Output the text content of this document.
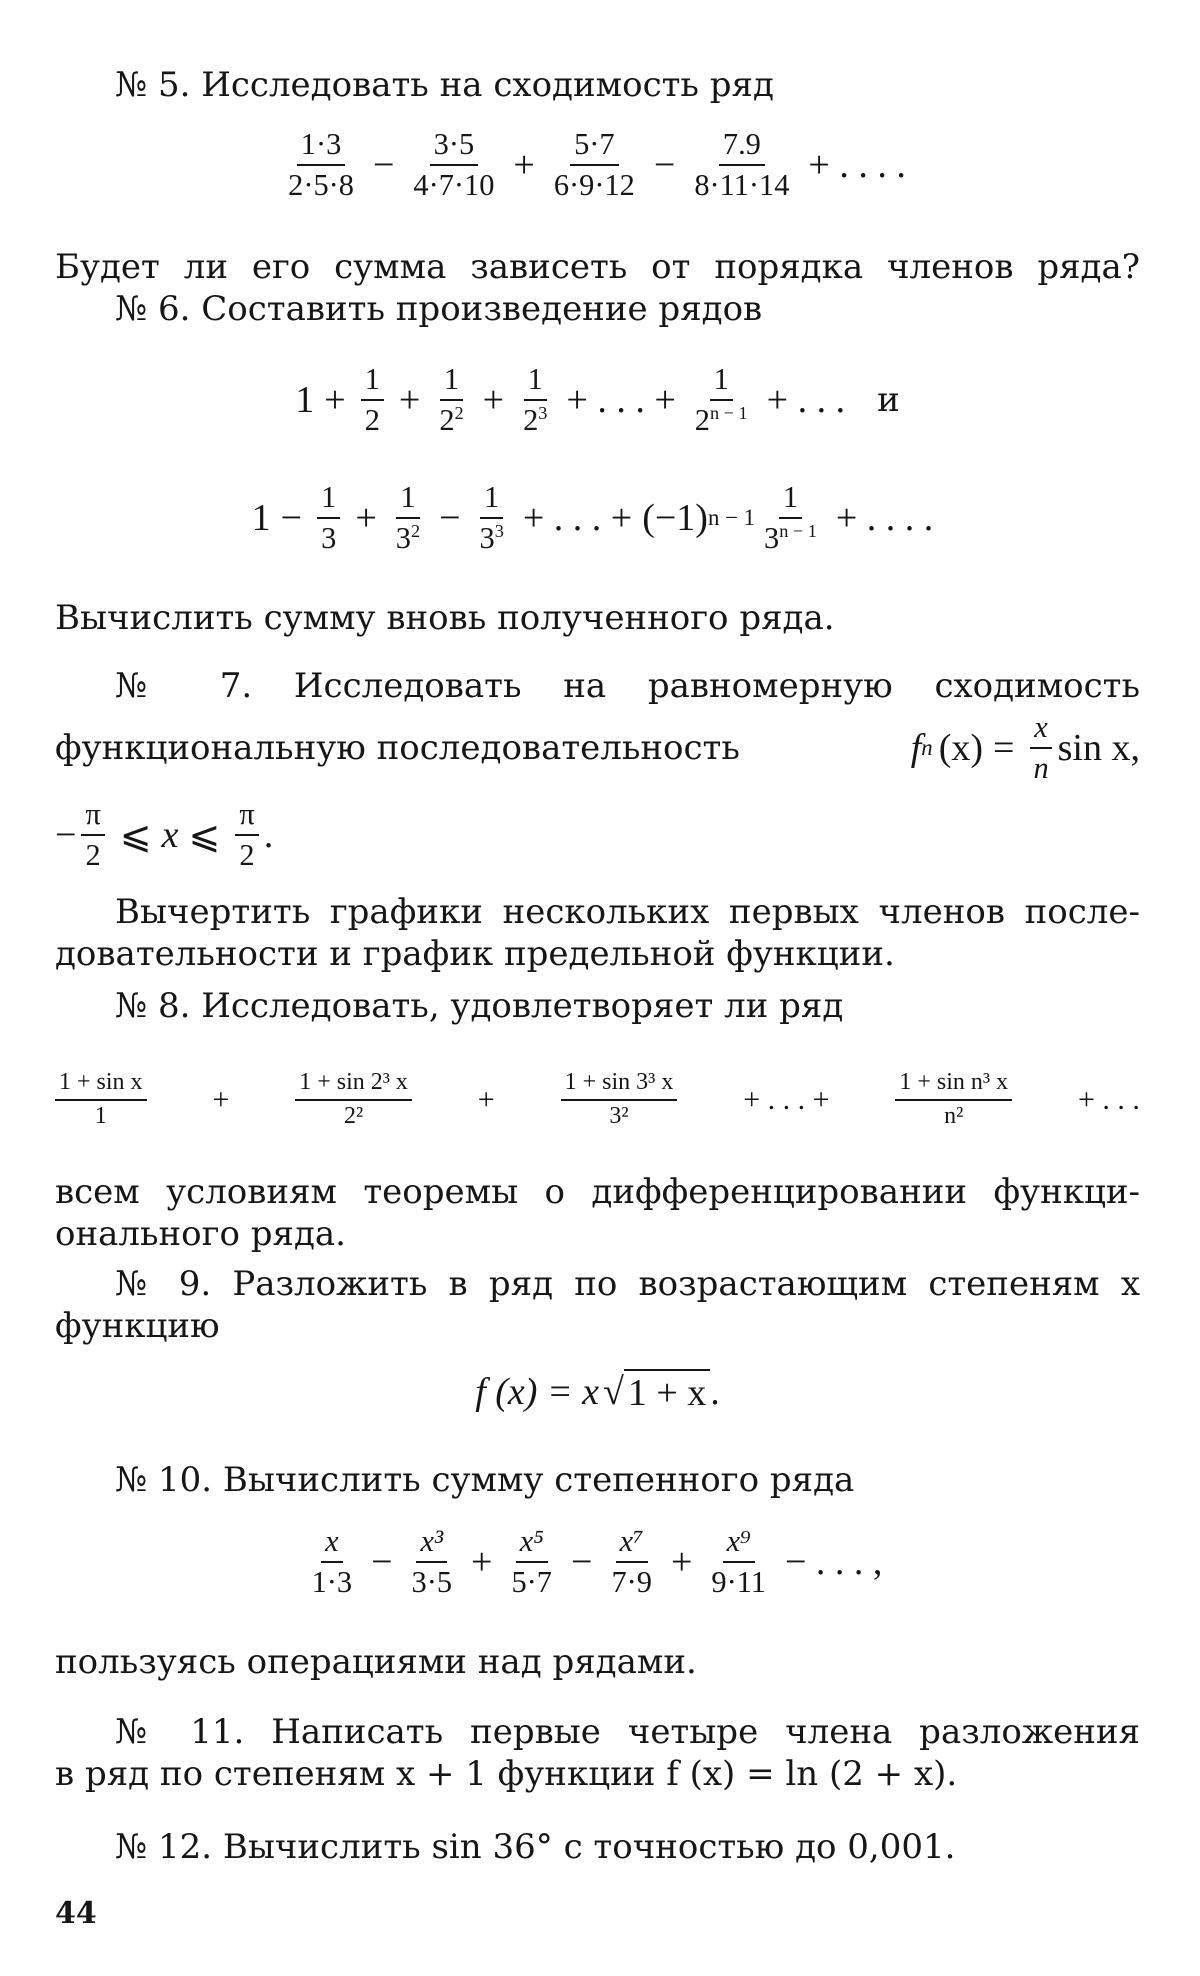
№ 5. Исследовать на сходимость ряд

$\frac{1\cdot 3}{2\cdot 5\cdot 8} - \frac{3\cdot 5}{4\cdot 7\cdot 10} + \frac{5\cdot 7}{6\cdot 9\cdot 12} - \frac{7.9}{8\cdot 11\cdot 14}$ + . . . .

Будет ли его сумма зависеть от порядка членов ряда?

№ 6. Составить произведение рядов

$1 + \frac{1}{2} + \frac{1}{2^2} + \frac{1}{2^3}$ + . . . + $\frac{1}{2^{n - 1}}$ + . . . и
$1 - \frac{1}{3} + \frac{1}{3^2} - \frac{1}{3^3}$ + . . . + (−1) $n - 1 \frac{1}{3^{n - 1}}$ + . . . .

Вычислить сумму вновь полученного ряда.

№ 7. Исследовать на равномерную сходимость

функциональную последовательность	f n $(x) = \frac{x}{n}$ sin x,
− $\frac{\pi}{2}$ ⩽ x ⩽ $\frac{\pi}{2}$ .

Вычертить графики нескольких первых членов после-

довательности и график предельной функции.

№ 8. Исследовать, удовлетворяет ли ряд

$\frac{\text{1 + sin x}}{1}$ +	$\frac{\text{1 + sin 2³ x}}{\text{2²}}$ +	$\frac{\text{1 + sin 3³ x}}{\text{3²}}$ + . . . +	$\frac{\text{1 + sin n³ x}}{\text{n²}}$ + . . .

всем условиям теоремы о дифференцировании функци-

онального ряда.

№ 9. Разложить в ряд по возрастающим степеням x

функцию

f (x) = x √ 1 + x .

№ 10. Вычислить сумму степенного ряда

$\frac{x}{1\cdot 3} - \frac{\text{x³}}{3\cdot 5} + \frac{\text{x⁵}}{5\cdot 7} - \frac{\text{x⁷}}{7\cdot 9} + \frac{\text{x⁹}}{9\cdot 11}$ − . . . ,

пользуясь операциями над рядами.

№ 11. Написать первые четыре члена разложения

в ряд по степеням x + 1 функции f (x) = ln (2 + x).

№ 12. Вычислить sin 36° с точностью до 0,001.

44
